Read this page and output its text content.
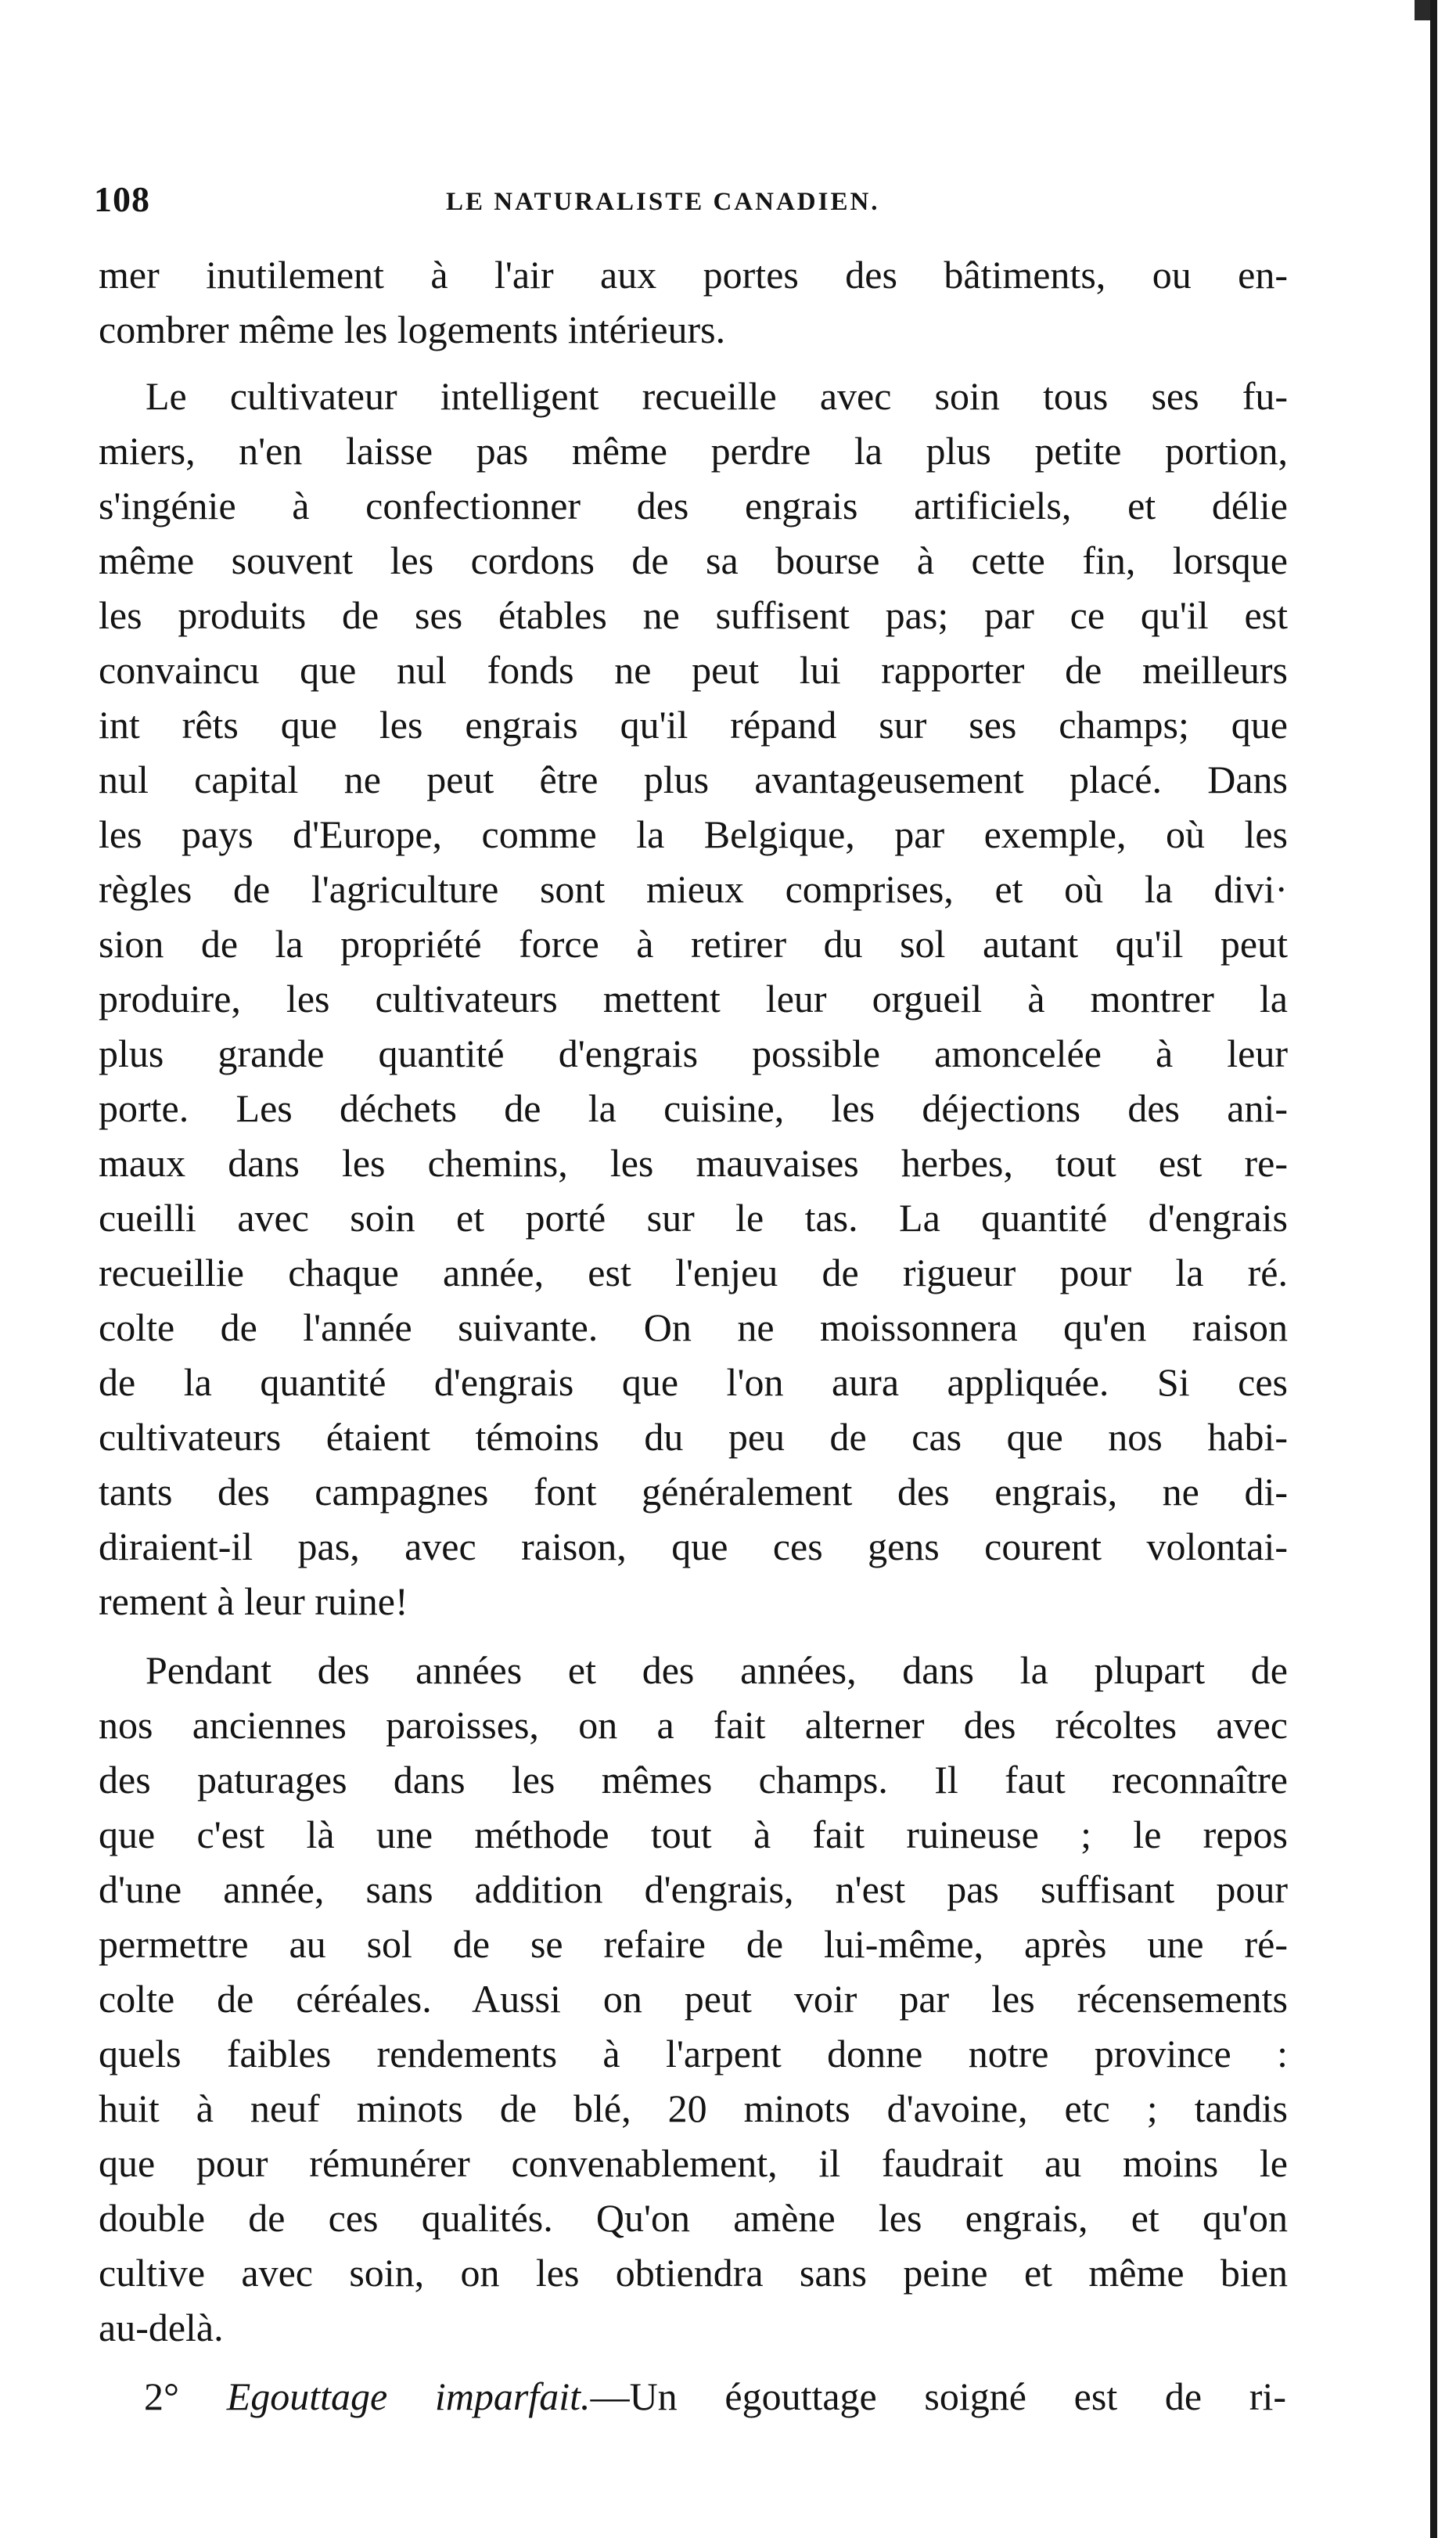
108	LE NATURALISTE CANADIEN.
mer inutilement à l'air aux portes des bâtiments, ou en-
combrer même les logements intérieurs.
Le cultivateur intelligent recueille avec soin tous ses fu-
miers, n'en laisse pas même perdre la plus petite portion,
s'ingénie à confectionner des engrais artificiels, et délie
même souvent les cordons de sa bourse à cette fin, lorsque
les produits de ses étables ne suffisent pas; par ce qu'il est
convaincu que nul fonds ne peut lui rapporter de meilleurs
int rêts que les engrais qu'il répand sur ses champs; que
nul capital ne peut être plus avantageusement placé. Dans
les pays d'Europe, comme la Belgique, par exemple, où les
règles de l'agriculture sont mieux comprises, et où la divi·
sion de la propriété force à retirer du sol autant qu'il peut
produire, les cultivateurs mettent leur orgueil à montrer la
plus grande quantité d'engrais possible amoncelée à leur
porte. Les déchets de la cuisine, les déjections des ani-
maux dans les chemins, les mauvaises herbes, tout est re-
cueilli avec soin et porté sur le tas. La quantité d'engrais
recueillie chaque année, est l'enjeu de rigueur pour la ré.
colte de l'année suivante. On ne moissonnera qu'en raison
de la quantité d'engrais que l'on aura appliquée. Si ces
cultivateurs étaient témoins du peu de cas que nos habi-
tants des campagnes font généralement des engrais, ne di-
diraient-il pas, avec raison, que ces gens courent volontai-
rement à leur ruine!
Pendant des années et des années, dans la plupart de
nos anciennes paroisses, on a fait alterner des récoltes avec
des paturages dans les mêmes champs. Il faut reconnaître
que c'est là une méthode tout à fait ruineuse ; le repos
d'une année, sans addition d'engrais, n'est pas suffisant pour
permettre au sol de se refaire de lui-même, après une ré-
colte de céréales. Aussi on peut voir par les récensements
quels faibles rendements à l'arpent donne notre province :
huit à neuf minots de blé, 20 minots d'avoine, etc ; tandis
que pour rémunérer convenablement, il faudrait au moins le
double de ces qualités. Qu'on amène les engrais, et qu'on
cultive avec soin, on les obtiendra sans peine et même bien
au-delà.
2° Egouttage imparfait.—Un égouttage soigné est de ri-
